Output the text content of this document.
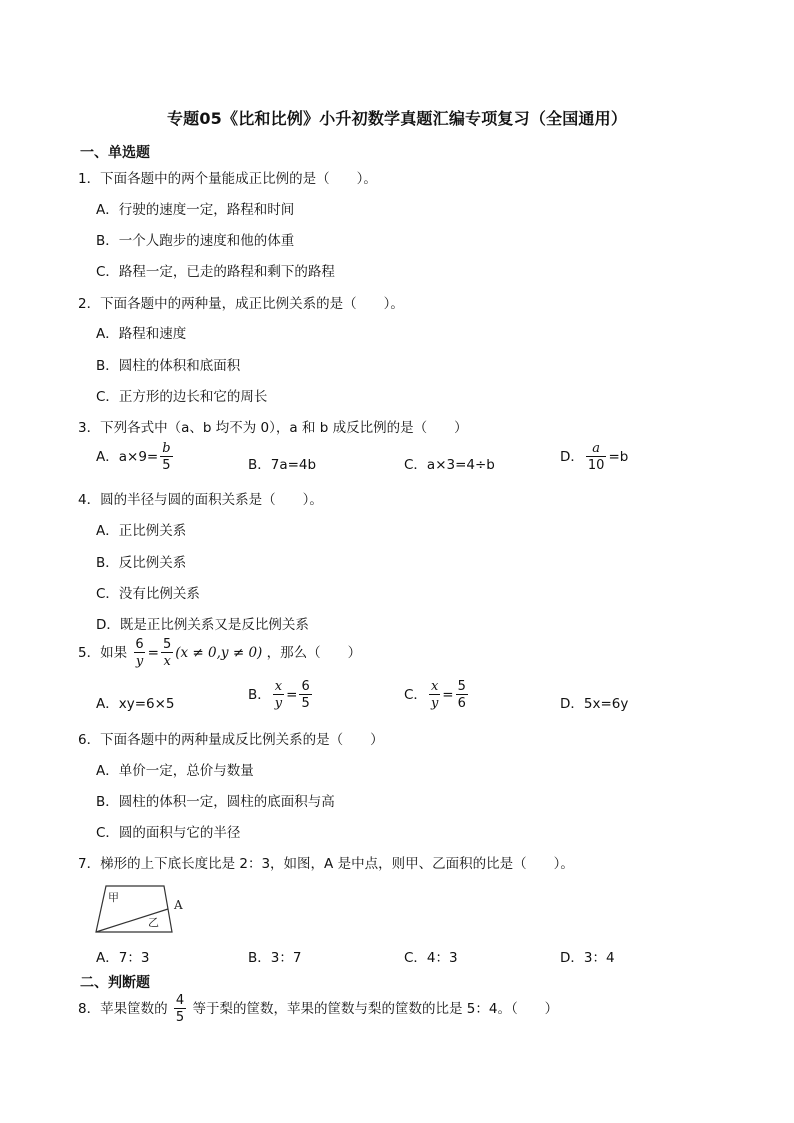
专题05《比和比例》小升初数学真题汇编专项复习（全国通用）
一、单选题
1．下面各题中的两个量能成正比例的是（　　）。
A．行驶的速度一定，路程和时间
B．一个人跑步的速度和他的体重
C．路程一定，已走的路程和剩下的路程
2．下面各题中的两种量，成正比例关系的是（　　）。
A．路程和速度
B．圆柱的体积和底面积
C．正方形的边长和它的周长
3．下列各式中（a、b 均不为 0），a 和 b 成反比例的是（　　）
A．$a\times 9= \frac{b}{5}$	B．7a=4b	C．a×3=4÷b	D． $\frac{a}{10} =b$
4．圆的半径与圆的面积关系是（　　）。
A．正比例关系
B．反比例关系
C．没有比例关系
D．既是正比例关系又是反比例关系
5．如果 $\frac{6}{y} = \frac{5}{x} (x \ne 0,y \ne 0)$ ，那么（　　）
A．xy=6×5
B． $\frac{x}{y} = \frac{6}{5}$	C． $\frac{x}{y} = \frac{5}{6}$	D．5x=6y
6．下面各题中的两种量成反比例关系的是（　　）
A．单价一定，总价与数量
B．圆柱的体积一定，圆柱的底面积与高
C．圆的面积与它的半径
7．梯形的上下底长度比是 2：3，如图，A 是中点，则甲、乙面积的比是（　　）。
甲
乙
A
A．7：3	B．3：7	C．4：3	D．3：4
二、判断题
8．苹果筐数的 $\frac{4}{5}$ 等于梨的筐数，苹果的筐数与梨的筐数的比是 5：4。（　　）
